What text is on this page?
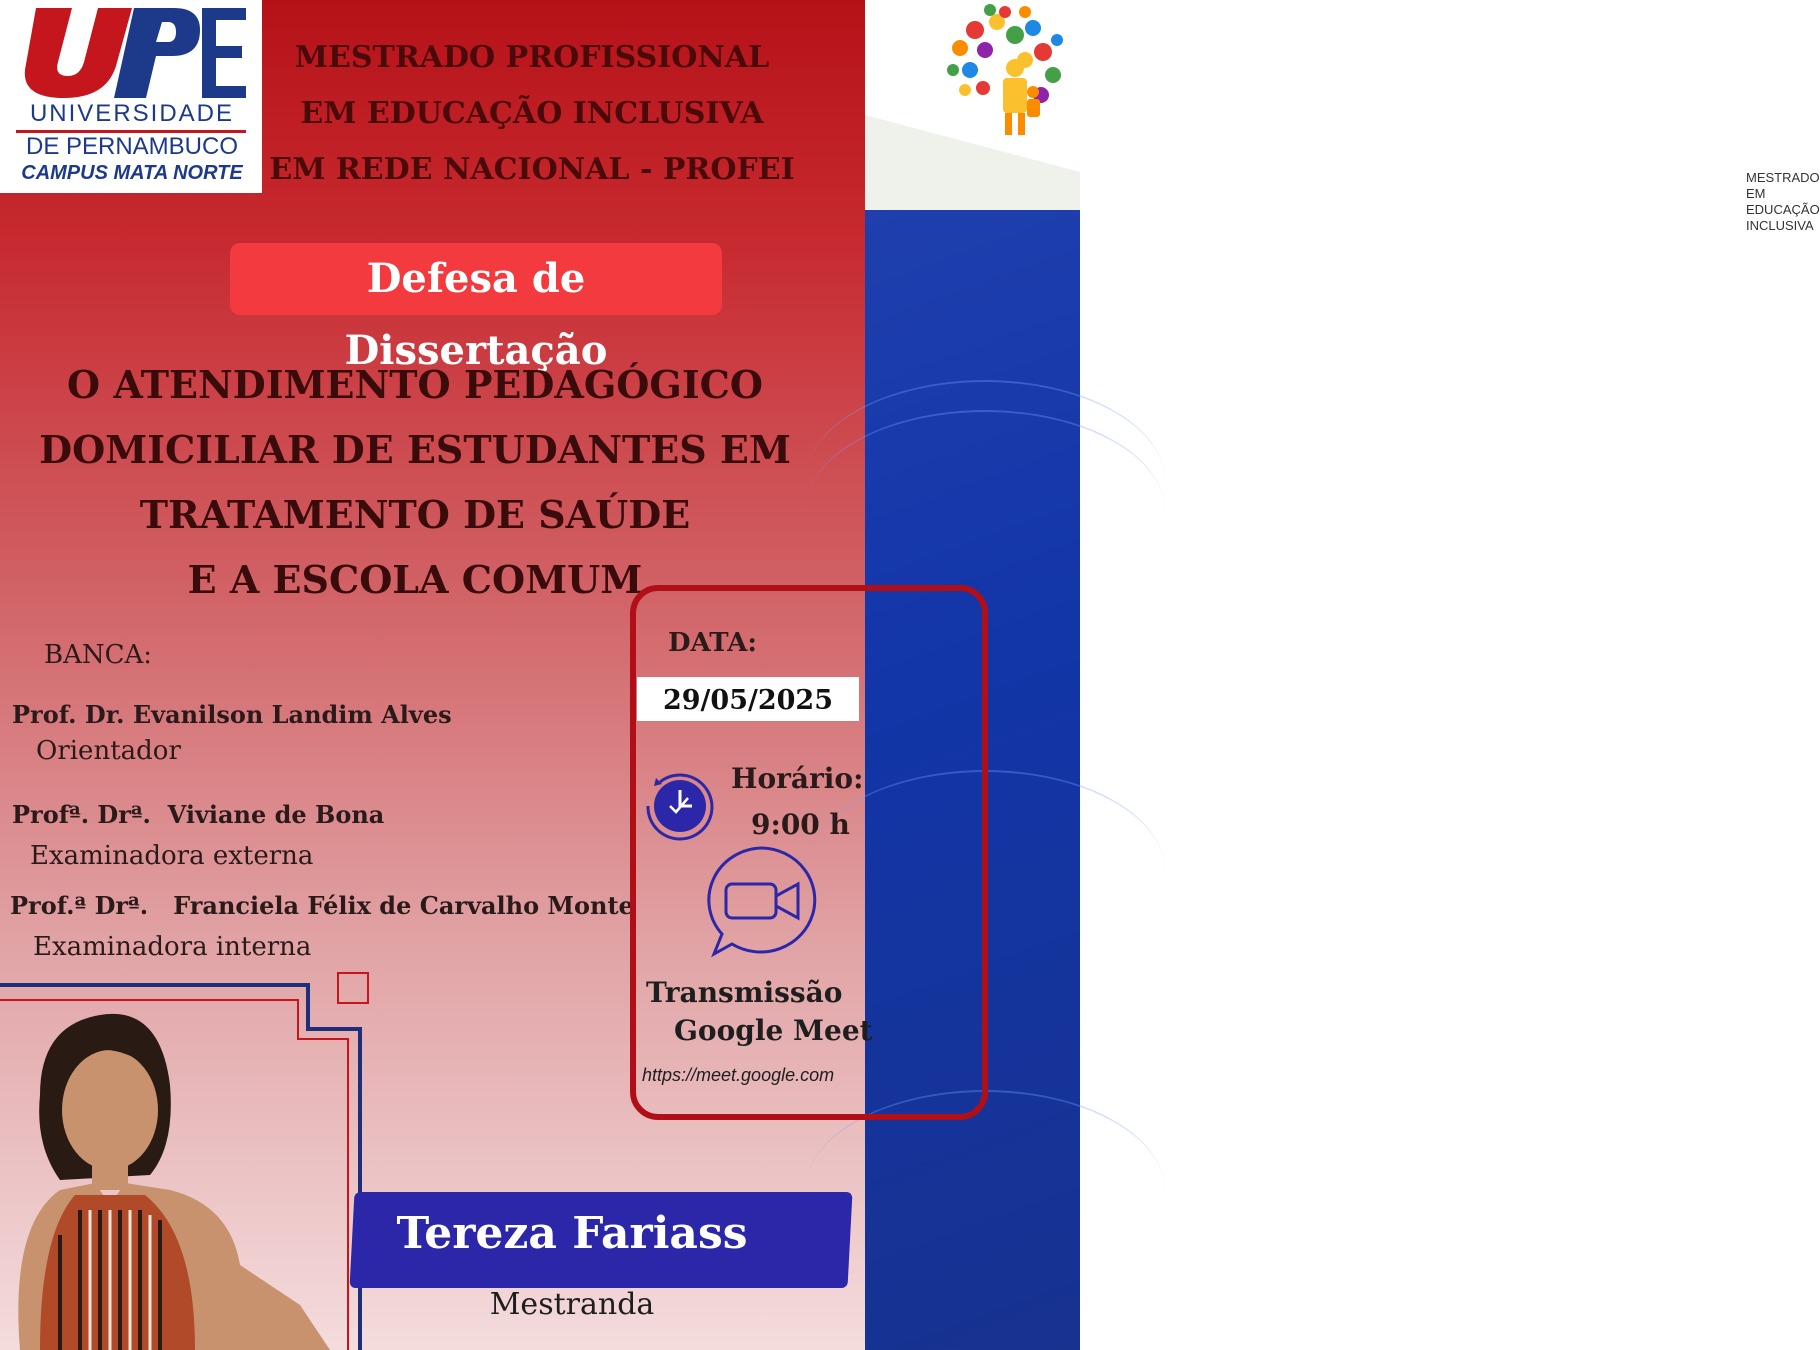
MESTRADO
EM EDUCAÇÃO INCLUSIVA
UNIVERSIDADE
DE PERNAMBUCO
CAMPUS MATA NORTE
MESTRADO PROFISSIONAL
EM EDUCAÇÃO INCLUSIVA
EM REDE NACIONAL - PROFEI
Defesa de Dissertação
O ATENDIMENTO PEDAGÓGICO
DOMICILIAR DE ESTUDANTES EM
TRATAMENTO DE SAÚDE
E A ESCOLA COMUM
BANCA:
Prof. Dr. Evanilson Landim Alves
Orientador
Profª. Drª.  Viviane de Bona
Examinadora externa
Prof.ª Drª.   Franciela Félix de Carvalho Monte
Examinadora interna
DATA:
29/05/2025
Horário:
9:00 h
Transmissão
Google Meet
https://meet.google.com
Tereza Fariass
Mestranda
